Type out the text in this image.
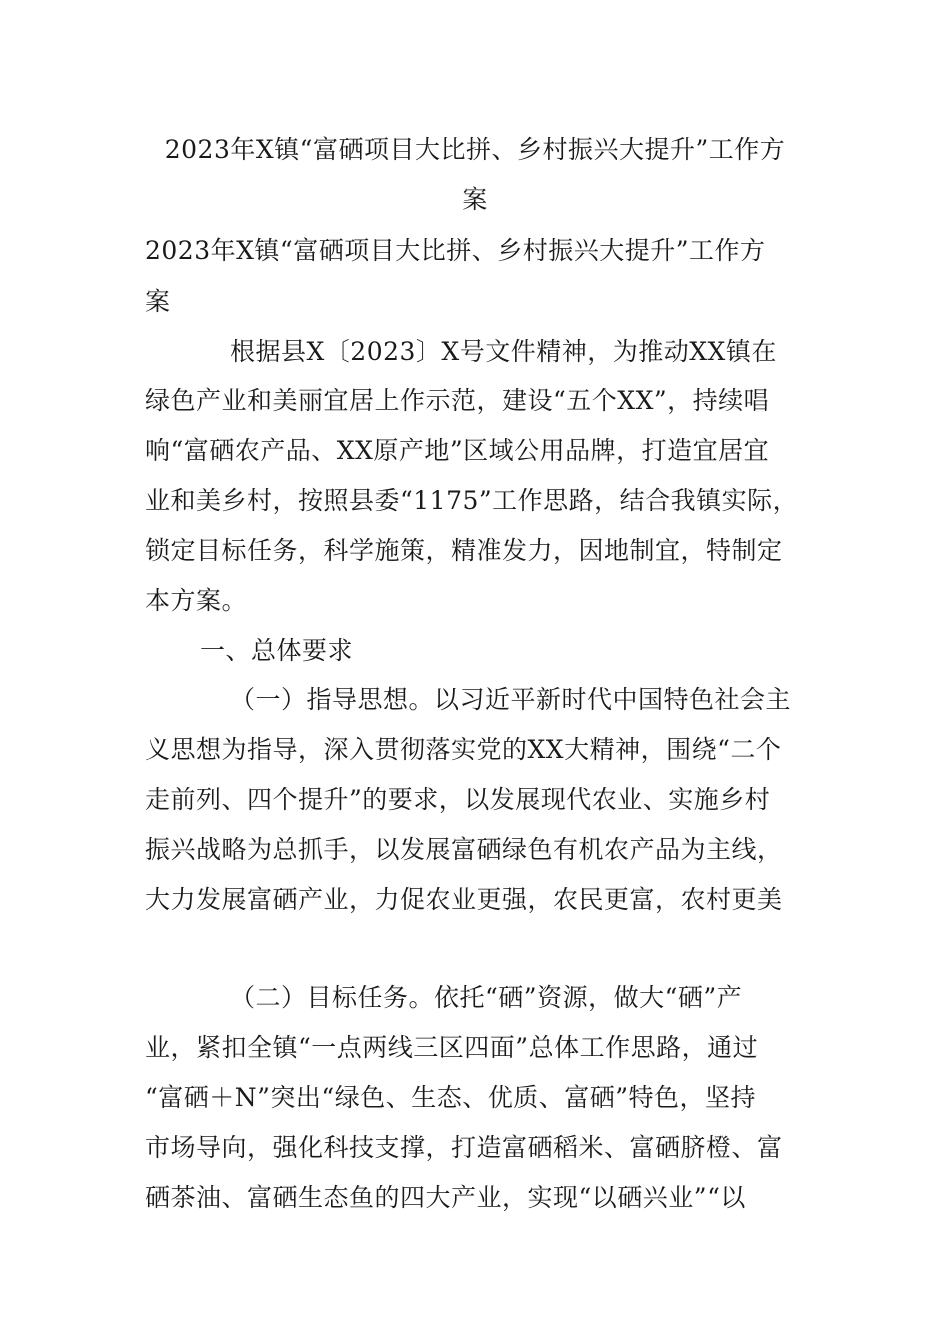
2023年X镇“富硒项目大比拼、乡村振兴大提升”工作方
案
2023年X镇“富硒项目大比拼、乡村振兴大提升”工作方
案
根据县X〔2023〕X号文件精神，为推动XX镇在
绿色产业和美丽宜居上作示范，建设“五个XX”，持续唱
响“富硒农产品、XX原产地”区域公用品牌，打造宜居宜
业和美乡村，按照县委“1175”工作思路，结合我镇实际，
锁定目标任务，科学施策，精准发力，因地制宜，特制定
本方案。
一、总体要求
（一）指导思想。以习近平新时代中国特色社会主
义思想为指导，深入贯彻落实党的XX大精神，围绕“二个
走前列、四个提升”的要求，以发展现代农业、实施乡村
振兴战略为总抓手，以发展富硒绿色有机农产品为主线，
大力发展富硒产业，力促农业更强，农民更富，农村更美
（二）目标任务。依托“硒”资源，做大“硒”产
业，紧扣全镇“一点两线三区四面”总体工作思路，通过
“富硒＋N”突出“绿色、生态、优质、富硒”特色，坚持
市场导向，强化科技支撑，打造富硒稻米、富硒脐橙、富
硒茶油、富硒生态鱼的四大产业，实现“以硒兴业”“以
